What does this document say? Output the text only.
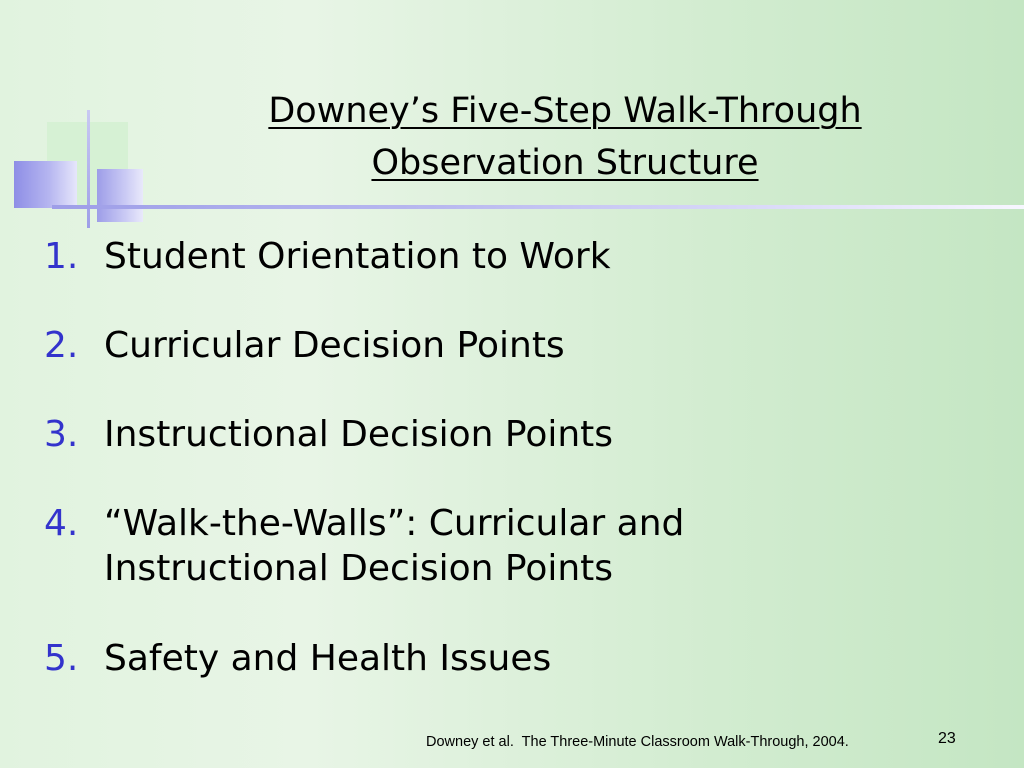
Downey’s Five-Step Walk-Through
Observation Structure
1. Student Orientation to Work
2. Curricular Decision Points
3. Instructional Decision Points
4. “Walk-the-Walls”: Curricular and
Instructional Decision Points
5. Safety and Health Issues
Downey et al.  The Three-Minute Classroom Walk-Through, 2004.	23
